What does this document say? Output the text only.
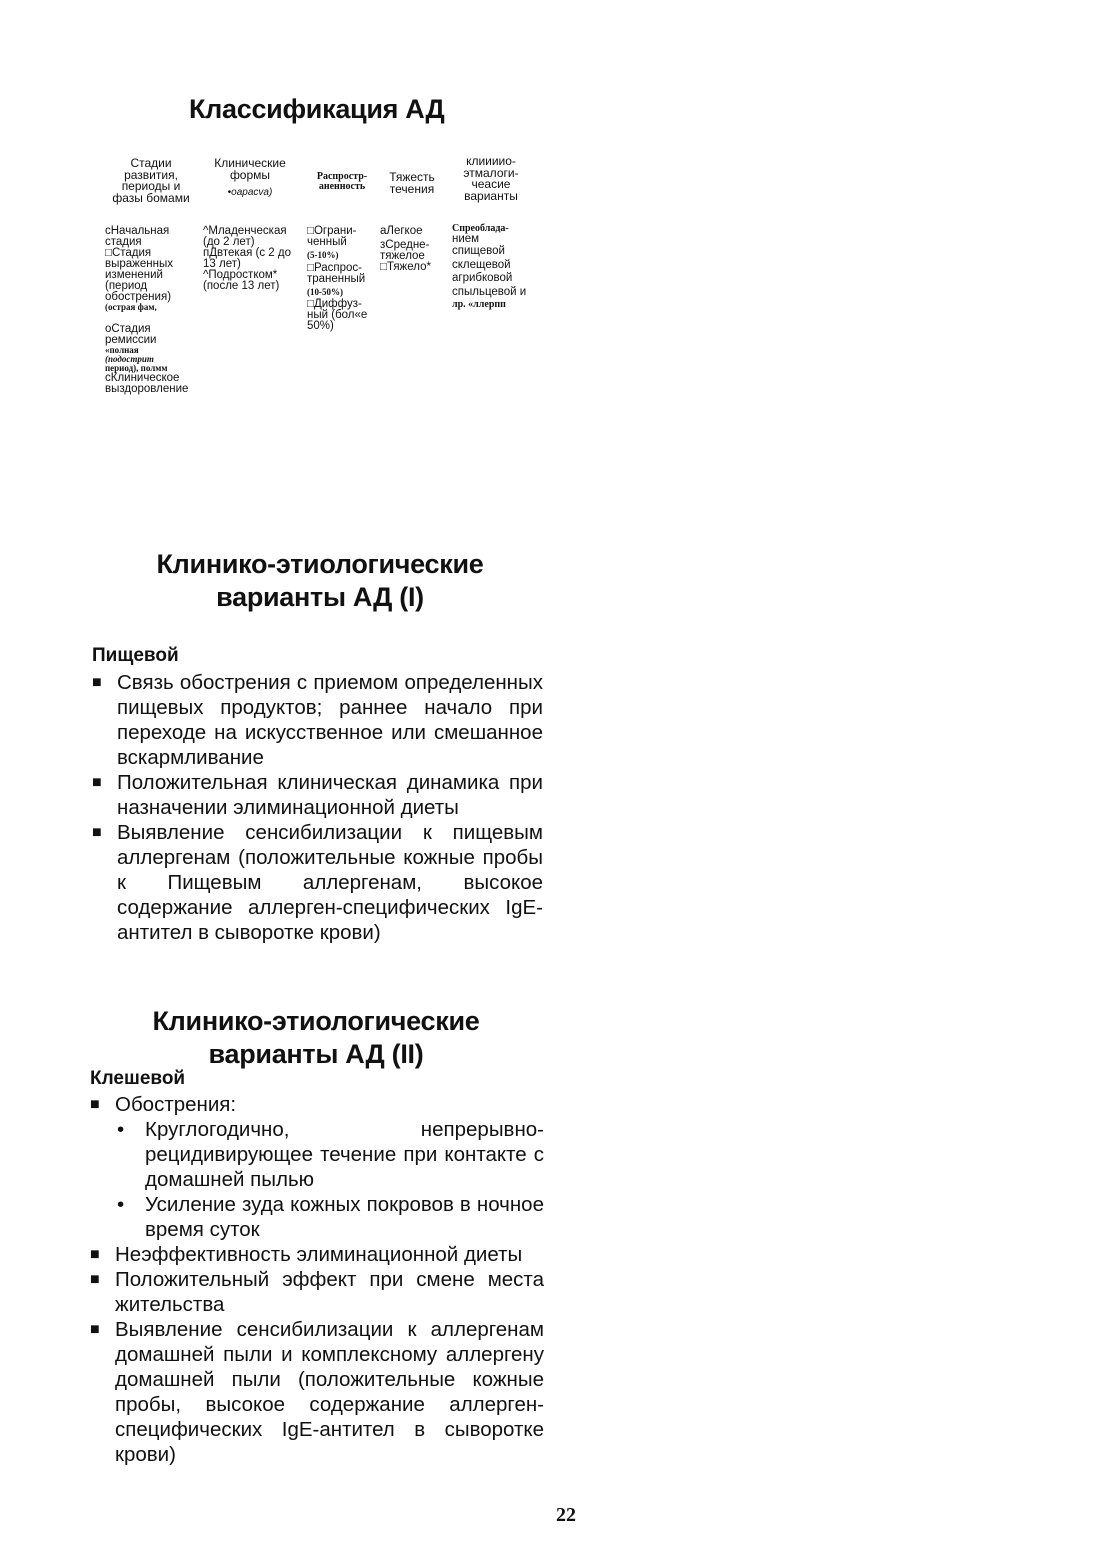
Классификация АД
Стадии развития, периоды и фазы бомами
Клинические формы
•оарасva)
Распростр-аненность
Тяжесть течения
клиииио-этмалоги-чеасие варианты
сНачальная стадия
□Стадия выраженных изменений (период обострения)
(острая фам,
оСтадия ремиссии
«полная
(подострит
период), полмм
сКлиническое выздоровление
^Младенческая (до 2 лет)
пДвтекая (с 2 до 13 лет)
^Подростком* (после 13 лет)
□Ограни-ченный
(5-10%)
□Распрос-траненный
(10-50%)
□Диффуз-ный (бол«е 50%)
аЛегкое
зСредне-тяжелое
□Тяжело*
Спреоблада-
нием
спищевой
склещевой
агрибковой
спыльцевой и
лр. «ллерпп
Клинико-этиологические
варианты АД (I)
Пищевой
■ Связь обострения с приемом определенных пищевых продуктов; раннее начало при переходе на искусственное или смешанное вскармливание
■ Положительная клиническая динамика при назначении элиминационной диеты
■ Выявление сенсибилизации к пищевым аллергенам (положительные кожные пробы к Пищевым аллергенам, высокое содержание аллерген-специфических IgE-антител в сыворотке крови)
Клинико-этиологические
варианты АД (II)
Клешевой
■ Обострения:
• Круглогодично, непрерывно-рецидивирующее течение при контакте с домашней пылью
• Усиление зуда кожных покровов в ночное время суток
■ Неэффективность элиминационной диеты
■ Положительный эффект при смене места жительства
■ Выявление сенсибилизации к аллергенам домашней пыли и комплексному аллергену домашней пыли (положительные кожные пробы, высокое содержание аллерген-специфических IgE-антител в сыворотке крови)
22
